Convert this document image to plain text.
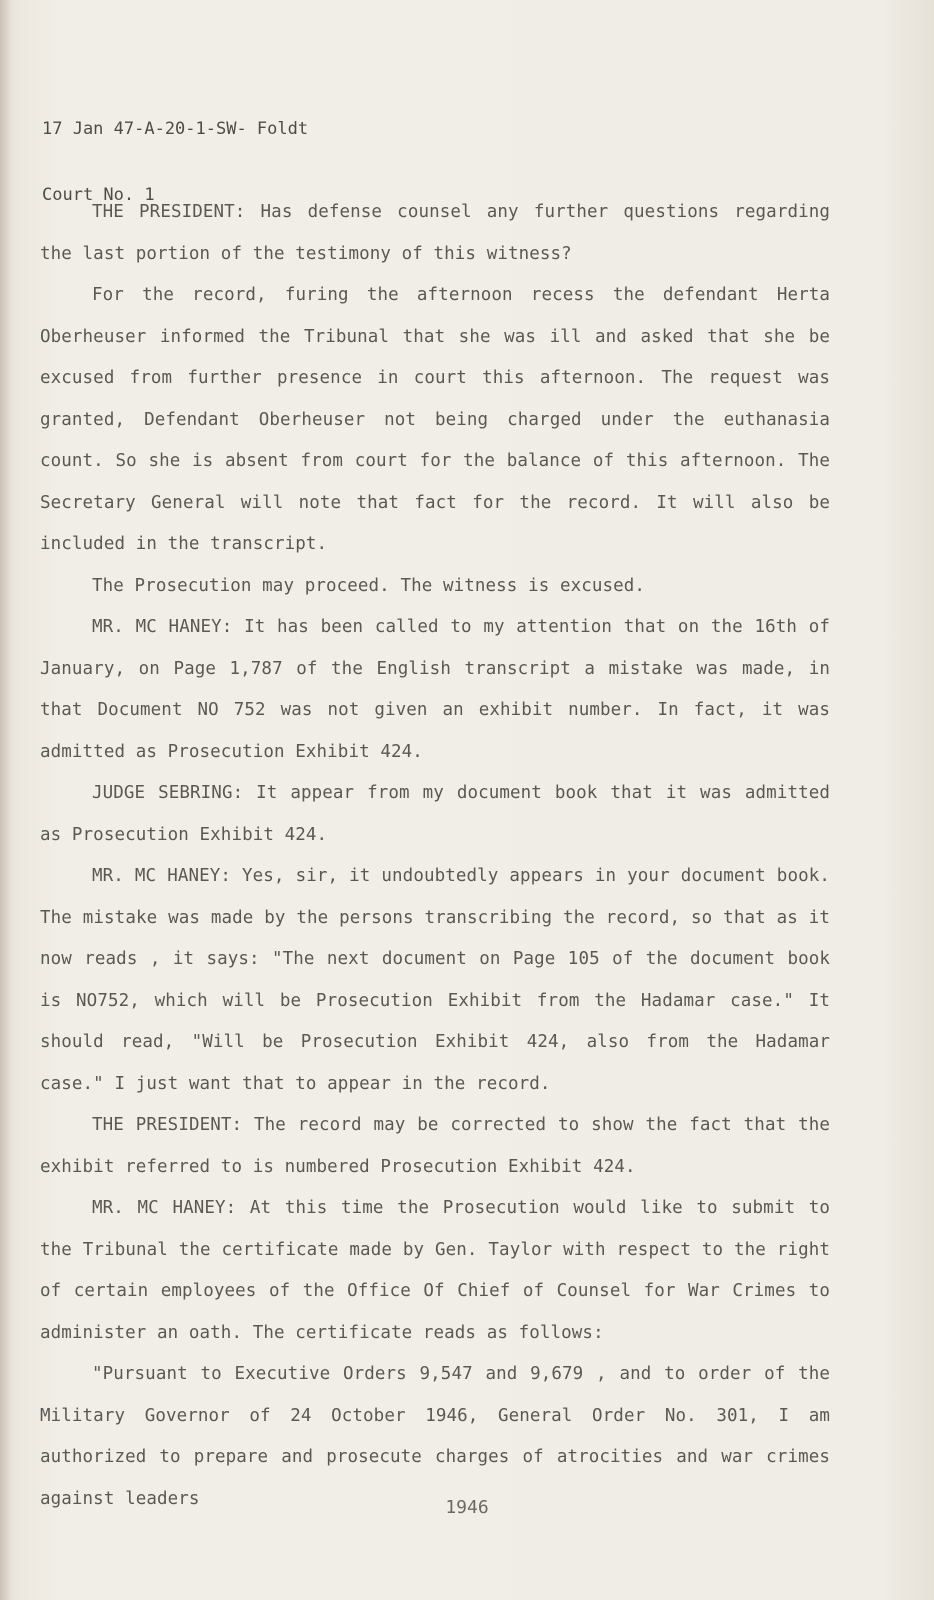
17 Jan 47-A-20-1-SW- Foldt

Court No. 1

THE PRESIDENT: Has defense counsel any further questions regarding the last portion of the testimony of this witness?

For the record, furing the afternoon recess the defendant Herta Oberheuser informed the Tribunal that she was ill and asked that she be excused from further presence in court this afternoon. The request was granted, Defendant Oberheuser not being charged under the euthanasia count. So she is absent from court for the balance of this afternoon. The Secretary General will note that fact for the record. It will also be included in the transcript.

The Prosecution may proceed. The witness is excused.

MR. MC HANEY: It has been called to my attention that on the 16th of January, on Page 1,787 of the English transcript a mistake was made, in that Document NO 752 was not given an exhibit number. In fact, it was admitted as Prosecution Exhibit 424.

JUDGE SEBRING: It appear from my document book that it was admitted as Prosecution Exhibit 424.

MR. MC HANEY: Yes, sir, it undoubtedly appears in your document book. The mistake was made by the persons transcribing the record, so that as it now reads , it says: "The next document on Page 105 of the document book is NO752, which will be Prosecution Exhibit from the Hadamar case." It should read, "Will be Prosecution Exhibit 424, also from the Hadamar case." I just want that to appear in the record.

THE PRESIDENT: The record may be corrected to show the fact that the exhibit referred to is numbered Prosecution Exhibit 424.

MR. MC HANEY: At this time the Prosecution would like to submit to the Tribunal the certificate made by Gen. Taylor with respect to the right of certain employees of the Office Of Chief of Counsel for War Crimes to administer an oath. The certificate reads as follows:

"Pursuant to Executive Orders 9,547 and 9,679 , and to order of the Military Governor of 24 October 1946, General Order No. 301, I am authorized to prepare and prosecute charges of atrocities and war crimes against leaders	1946
